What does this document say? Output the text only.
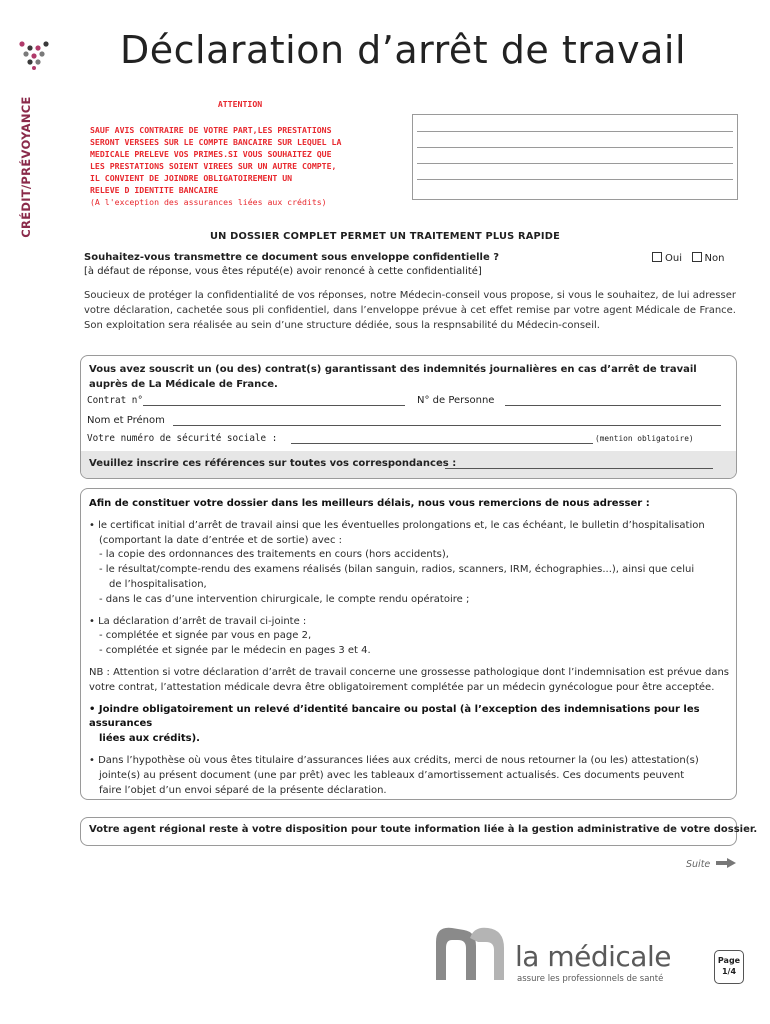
CRÉDIT/PRÉVOYANCE
Déclaration d’arrêt de travail
ATTENTION

SAUF AVIS CONTRAIRE DE VOTRE PART,LES PRESTATIONS

SERONT VERSEES SUR LE COMPTE BANCAIRE SUR LEQUEL LA

MEDICALE PRELEVE VOS PRIMES.SI VOUS SOUHAITEZ QUE

LES PRESTATIONS SOIENT VIREES SUR UN AUTRE COMPTE,

IL CONVIENT DE JOINDRE OBLIGATOIREMENT UN

RELEVE D IDENTITE BANCAIRE

(A l'exception des assurances liées aux crédits)

UN DOSSIER COMPLET PERMET UN TRAITEMENT PLUS RAPIDE
Souhaitez-vous transmettre ce document sous enveloppe confidentielle ?
[à défaut de réponse, vous êtes réputé(e) avoir renoncé à cette confidentialité]
Oui Non
Soucieux de protéger la confidentialité de vos réponses, notre Médecin-conseil vous propose, si vous le souhaitez, de lui adresser votre déclaration, cachetée sous pli confidentiel, dans l’enveloppe prévue à cet effet remise par votre agent Médicale de France. Son exploitation sera réalisée au sein d’une structure dédiée, sous la respnsabilité du Médecin-conseil.
Vous avez souscrit un (ou des) contrat(s) garantissant des indemnités journalières en cas d’arrêt de travail auprès de La Médicale de France.
Contrat n°	N° de Personne
Nom et Prénom
Votre numéro de sécurité sociale :	(mention obligatoire)
Veuillez inscrire ces références sur toutes vos correspondances :

Afin de constituer votre dossier dans les meilleurs délais, nous vous remercions de nous adresser :

• le certificat initial d’arrêt de travail ainsi que les éventuelles prolongations et, le cas échéant, le bulletin d’hospitalisation

(comportant la date d’entrée et de sortie) avec :

- la copie des ordonnances des traitements en cours (hors accidents),

- le résultat/compte-rendu des examens réalisés (bilan sanguin, radios, scanners, IRM, échographies...), ainsi que celui

de l’hospitalisation,

- dans le cas d’une intervention chirurgicale, le compte rendu opératoire ;

• La déclaration d’arrêt de travail ci-jointe :

- complétée et signée par vous en page 2,

- complétée et signée par le médecin en pages 3 et 4.

NB : Attention si votre déclaration d’arrêt de travail concerne une grossesse pathologique dont l’indemnisation est prévue dans votre contrat, l’attestation médicale devra être obligatoirement complétée par un médecin gynécologue pour être acceptée.

• Joindre obligatoirement un relevé d’identité bancaire ou postal (à l’exception des indemnisations pour les assurances

liées aux crédits).

• Dans l’hypothèse où vous êtes titulaire d’assurances liées aux crédits, merci de nous retourner la (ou les) attestation(s)

jointe(s) au présent document (une par prêt) avec les tableaux d’amortissement actualisés. Ces documents peuvent

faire l’objet d’un envoi séparé de la présente déclaration.

Votre agent régional reste à votre disposition pour toute information liée à la gestion administrative de votre dossier.
Suite
la médicale
assure les professionnels de santé
Page
1/4
